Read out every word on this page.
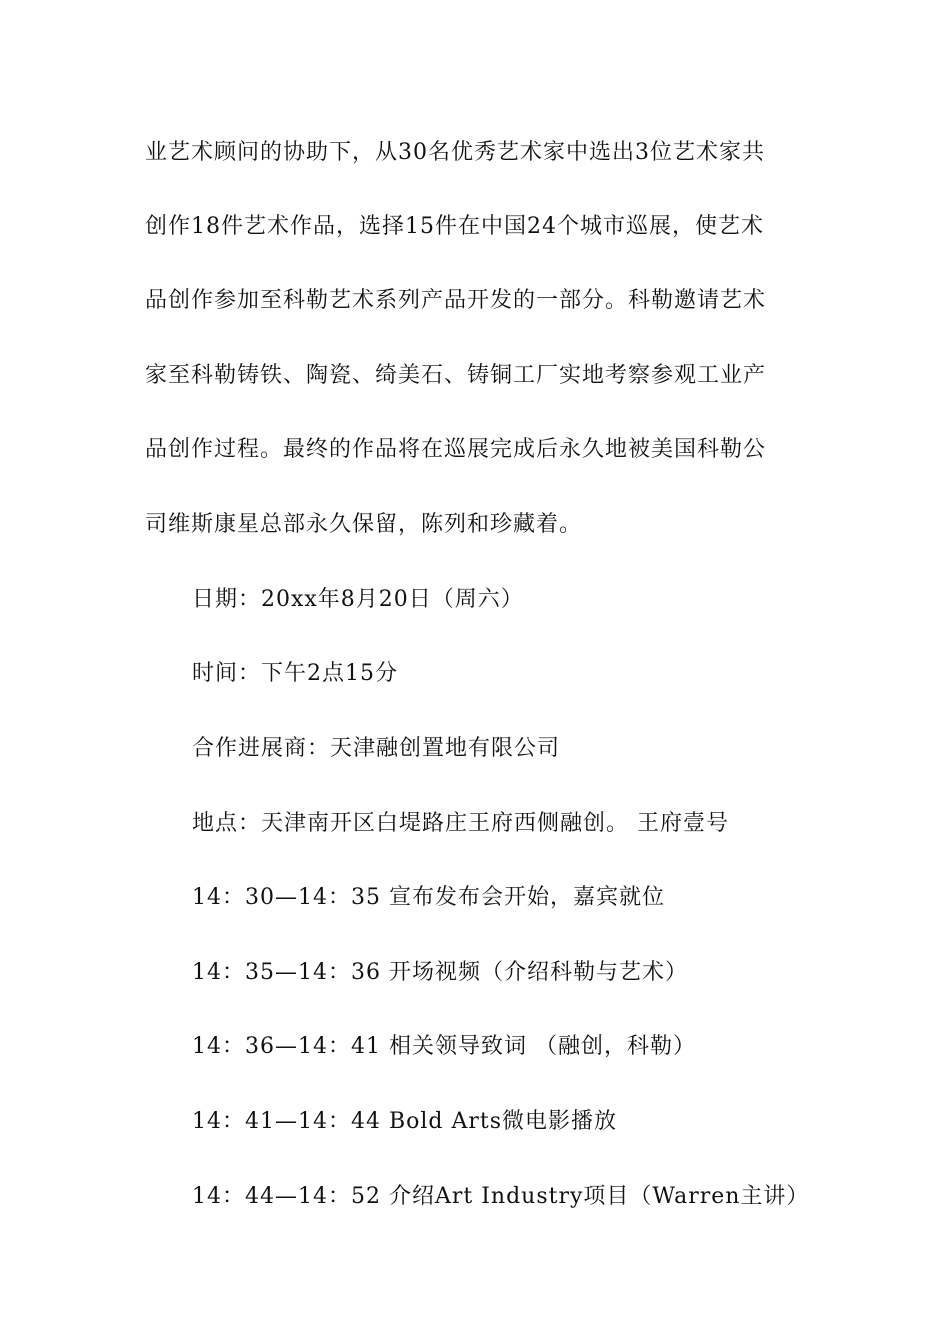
业艺术顾问的协助下，从30名优秀艺术家中选出3位艺术家共
创作18件艺术作品，选择15件在中国24个城市巡展，使艺术
品创作参加至科勒艺术系列产品开发的一部分。科勒邀请艺术
家至科勒铸铁、陶瓷、绮美石、铸铜工厂实地考察参观工业产
品创作过程。最终的作品将在巡展完成后永久地被美国科勒公
司维斯康星总部永久保留，陈列和珍藏着。
日期：20xx年8月20日（周六）
时间：下午2点15分
合作进展商：天津融创置地有限公司
地点：天津南开区白堤路庄王府西侧融创。 王府壹号
14：30—14：35 宣布发布会开始，嘉宾就位
14：35—14：36 开场视频（介绍科勒与艺术）
14：36—14：41 相关领导致词 （融创，科勒）
14：41—14：44 Bold Arts微电影播放
14：44—14：52 介绍Art Industry项目（Warren主讲）
